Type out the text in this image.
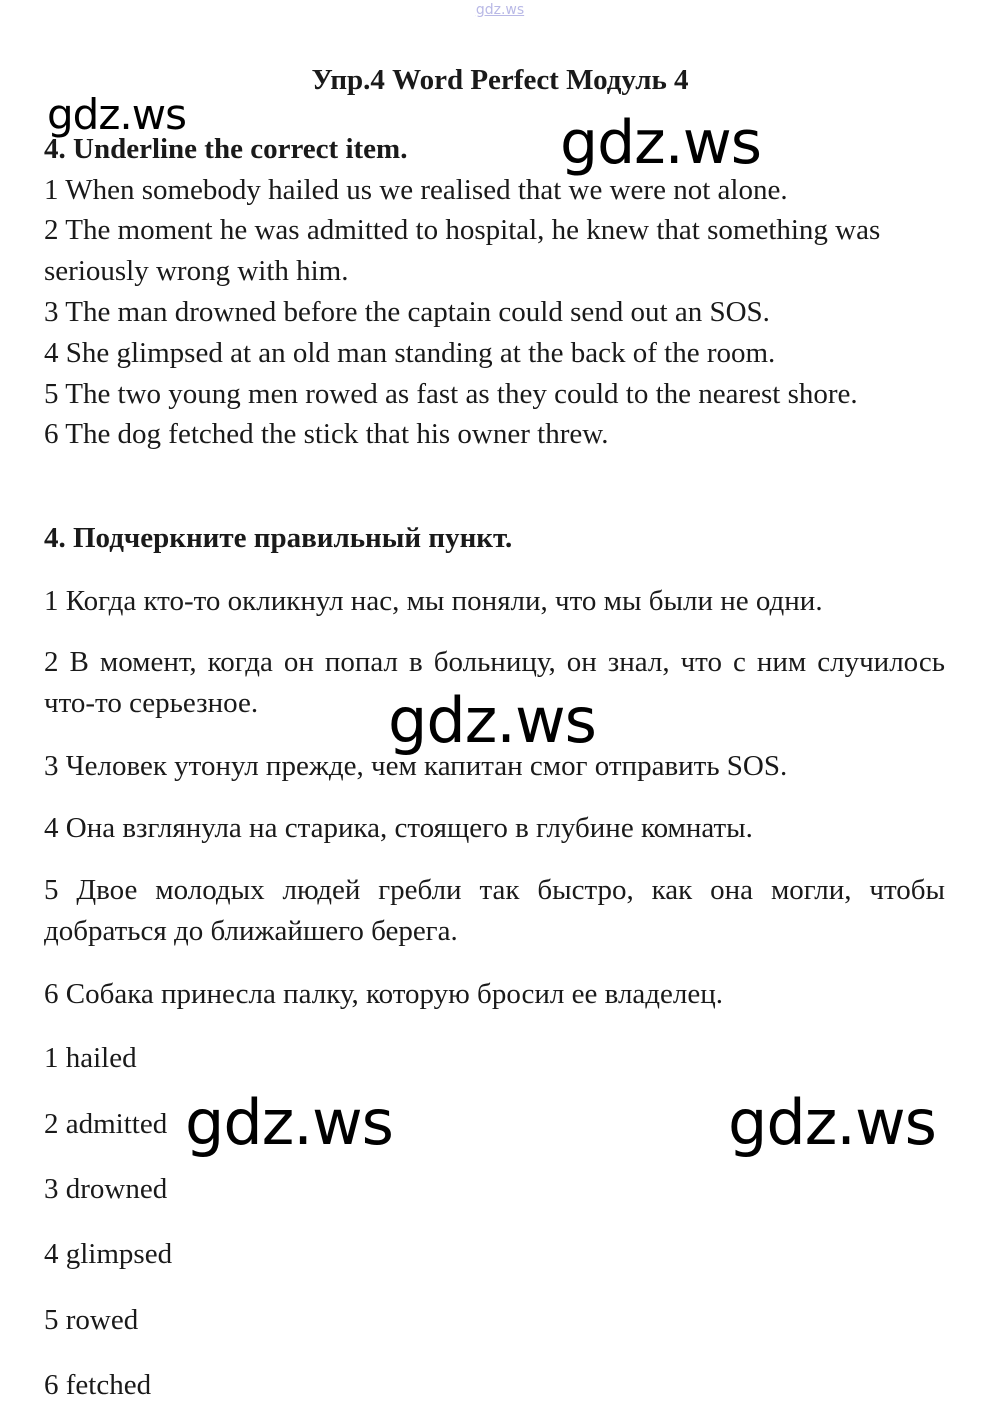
gdz.ws
Упр.4 Word Perfect Модуль 4
gdz.ws	gdz.ws
4. Underline the correct item.
1 When somebody hailed us we realised that we were not alone.
2 The moment he was admitted to hospital, he knew that something was seriously wrong with him.
3 The man drowned before the captain could send out an SOS.
4 She glimpsed at an old man standing at the back of the room.
5 The two young men rowed as fast as they could to the nearest shore.
6 The dog fetched the stick that his owner threw.
4. Подчеркните правильный пункт.
1 Когда кто-то окликнул нас, мы поняли, что мы были не одни.
2 В момент, когда он попал в больницу, он знал, что с ним случилось что-то серьезное.
3 Человек утонул прежде, чем капитан смог отправить SOS.
4 Она взглянула на старика, стоящего в глубине комнаты.
5 Двое молодых людей гребли так быстро, как она могли, чтобы добраться до ближайшего берега.
6 Собака принесла палку, которую бросил ее владелец.
gdz.ws
1 hailed
2 admitted
3 drowned
4 glimpsed
5 rowed
6 fetched
gdz.ws	gdz.ws
